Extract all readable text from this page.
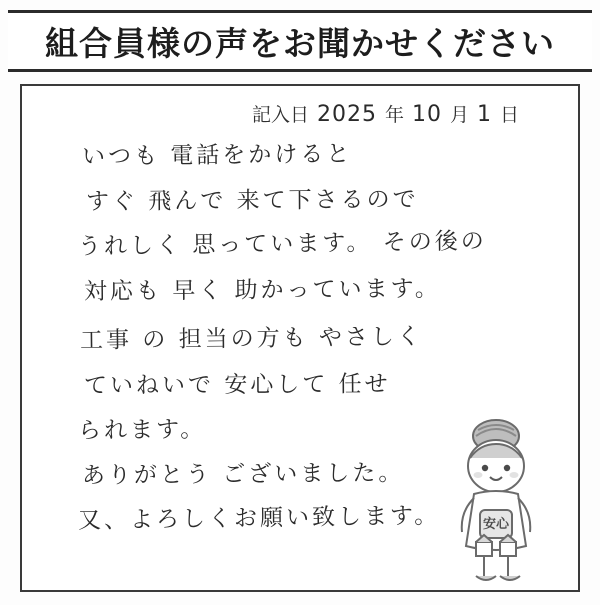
組合員様の声をお聞かせください
記入日 2025 年 10 月 1 日
いつも 電話をかけると
すぐ 飛んで 来て下さるので
うれしく 思っています。 その後の
対応も 早く 助かっています。
工事 の 担当の方も やさしく
ていねいで 安心して 任せ
られます。
ありがとう ございました。
又、よろしくお願い致します。	安心
